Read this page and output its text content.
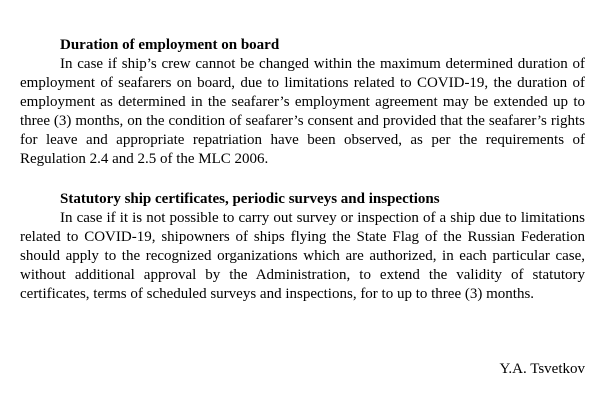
Duration of employment on board

In case if ship’s crew cannot be changed within the maximum determined duration of employment of seafarers on board, due to limitations related to COVID-19, the duration of employment as determined in the seafarer’s employment agreement may be extended up to three (3) months, on the condition of seafarer’s consent and provided that the seafarer’s rights for leave and appropriate repatriation have been observed, as per the requirements of Regulation 2.4 and 2.5 of the MLC 2006.

Statutory ship certificates, periodic surveys and inspections

In case if it is not possible to carry out survey or inspection of a ship due to limitations related to COVID-19, shipowners of ships flying the State Flag of the Russian Federation should apply to the recognized organizations which are authorized, in each particular case, without additional approval by the Administration, to extend the validity of statutory certificates, terms of scheduled surveys and inspections, for to up to three (3) months.

Y.A. Tsvetkov
